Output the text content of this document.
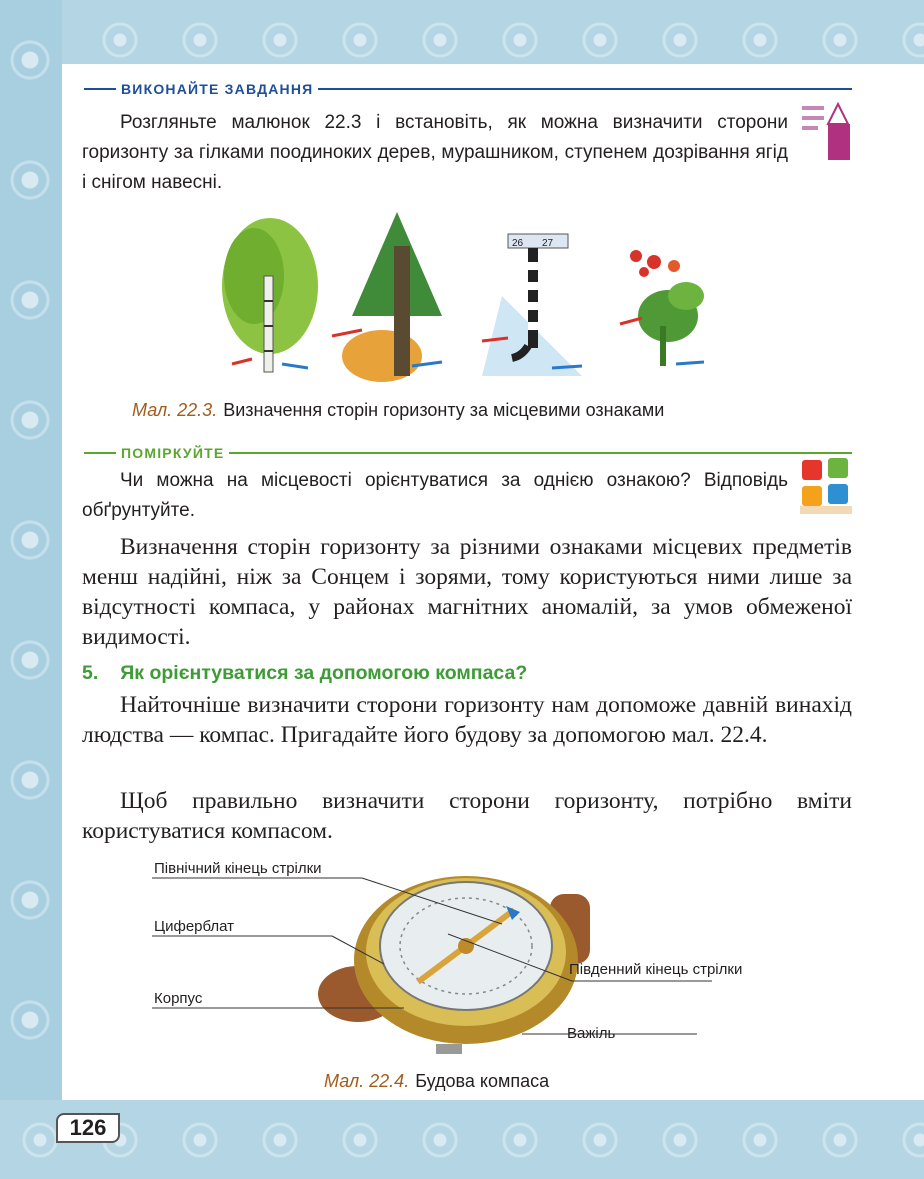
ВИКОНАЙТЕ ЗАВДАННЯ
Розгляньте малюнок 22.3 і встановіть, як можна визначити сторони горизонту за гілками поодиноких дерев, мурашником, ступенем дозрівання ягід і снігом навесні.
26 27
Мал. 22.3. Визначення сторін горизонту за місцевими ознаками
ПОМІРКУЙТЕ
Чи можна на місцевості орієнтуватися за однією ознакою? Відповідь обґрунтуйте.
Визначення сторін горизонту за різними ознаками місцевих предметів менш надійні, ніж за Сонцем і зорями, тому користуються ними лише за відсутності компаса, у районах магнітних аномалій, за умов обмеженої видимості.
5. Як орієнтуватися за допомогою компаса?
Найточніше визначити сторони горизонту нам допоможе давній винахід людства — компас. Пригадайте його будову за допомогою мал. 22.4.
Щоб правильно визначити сторони горизонту, потрібно вміти користуватися компасом.
Північний кінець стрілки
Циферблат
Корпус
Південний кінець стрілки
Важіль
Мал. 22.4. Будова компаса
126
